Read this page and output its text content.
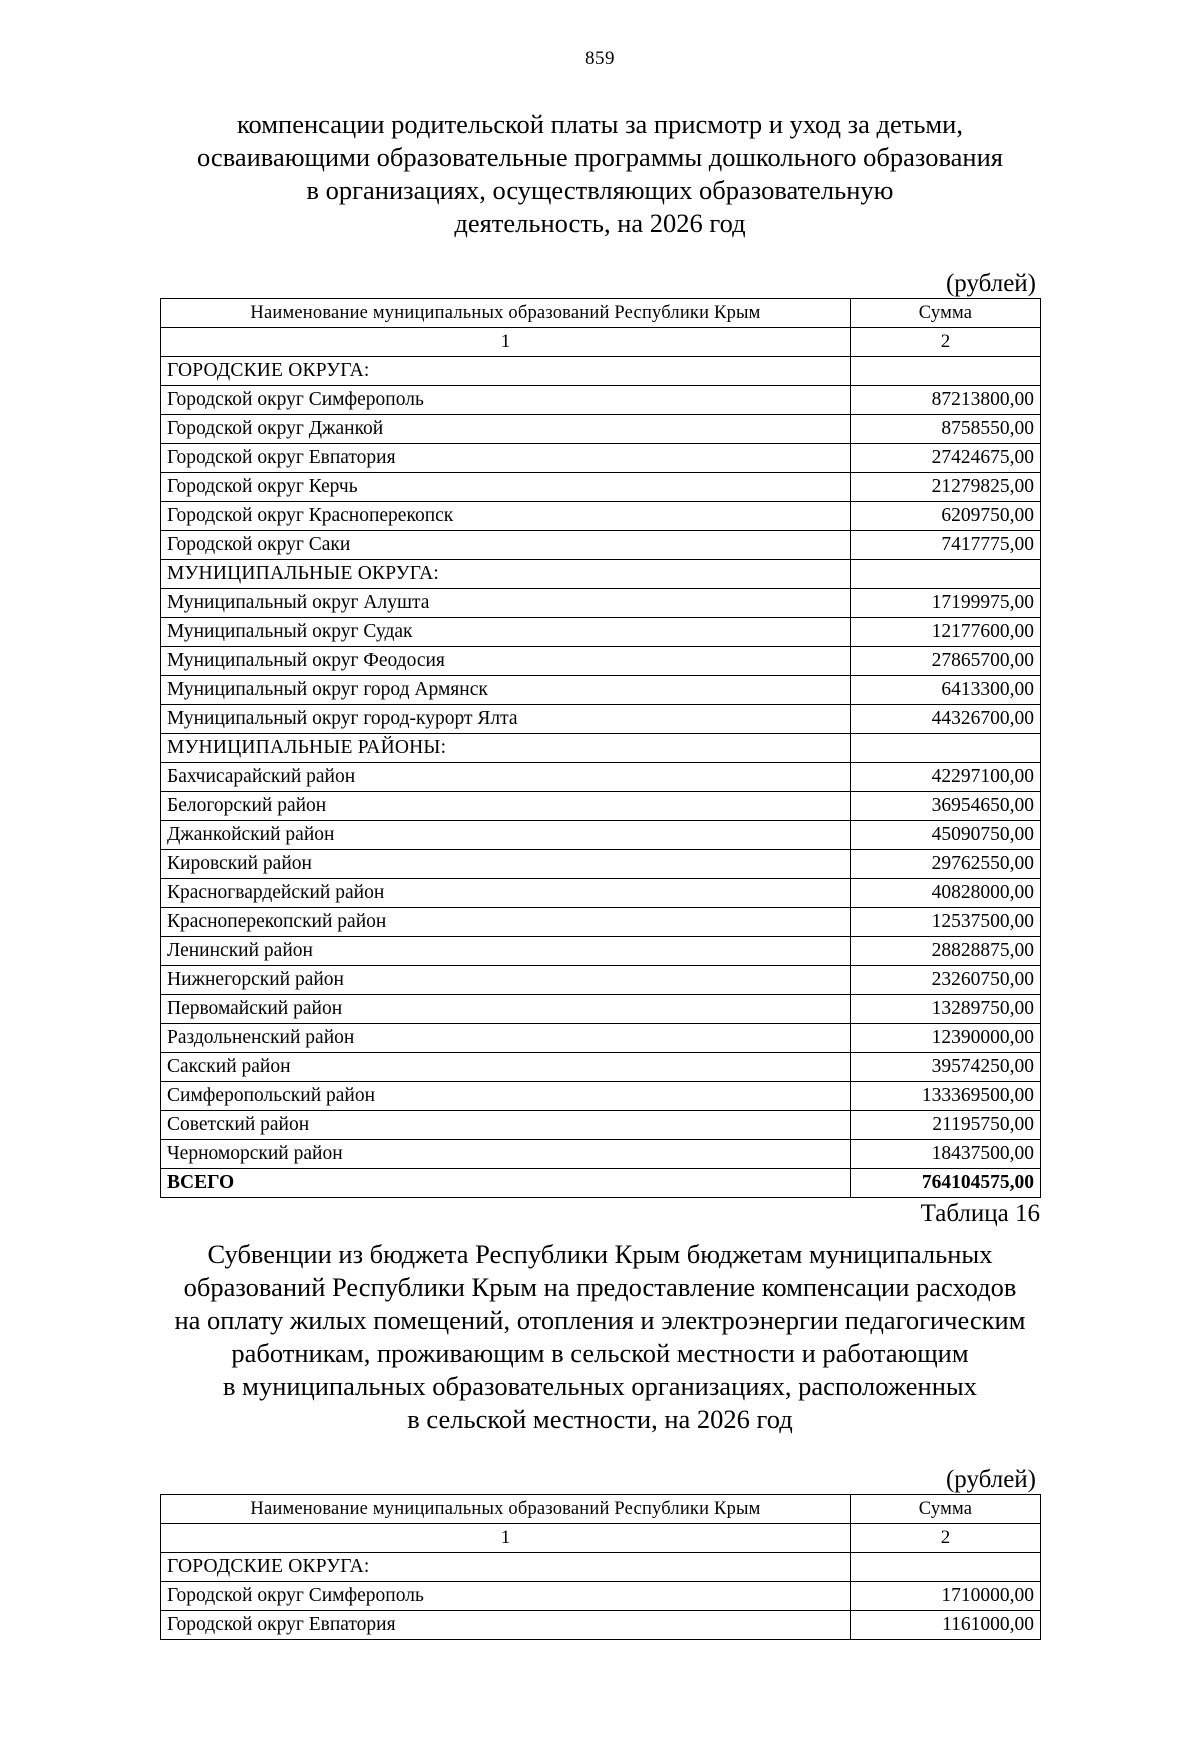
859
компенсации родительской платы за присмотр и уход за детьми,
осваивающими образовательные программы дошкольного образования
в организациях, осуществляющих образовательную
деятельность, на 2026 год
(рублей)
Наименование муниципальных образований Республики Крым	Сумма
1	2
ГОРОДСКИЕ ОКРУГА:	
Городской округ Симферополь	87213800,00
Городской округ Джанкой	8758550,00
Городской округ Евпатория	27424675,00
Городской округ Керчь	21279825,00
Городской округ Красноперекопск	6209750,00
Городской округ Саки	7417775,00
МУНИЦИПАЛЬНЫЕ ОКРУГА:	
Муниципальный округ Алушта	17199975,00
Муниципальный округ Судак	12177600,00
Муниципальный округ Феодосия	27865700,00
Муниципальный округ город Армянск	6413300,00
Муниципальный округ город-курорт Ялта	44326700,00
МУНИЦИПАЛЬНЫЕ РАЙОНЫ:	
Бахчисарайский район	42297100,00
Белогорский район	36954650,00
Джанкойский район	45090750,00
Кировский район	29762550,00
Красногвардейский район	40828000,00
Красноперекопский район	12537500,00
Ленинский район	28828875,00
Нижнегорский район	23260750,00
Первомайский район	13289750,00
Раздольненский район	12390000,00
Сакский район	39574250,00
Симферопольский район	133369500,00
Советский район	21195750,00
Черноморский район	18437500,00
ВСЕГО	764104575,00
Таблица 16
Субвенции из бюджета Республики Крым бюджетам муниципальных
образований Республики Крым на предоставление компенсации расходов
на оплату жилых помещений, отопления и электроэнергии педагогическим
работникам, проживающим в сельской местности и работающим
в муниципальных образовательных организациях, расположенных
в сельской местности, на 2026 год
(рублей)
Наименование муниципальных образований Республики Крым	Сумма
1	2
ГОРОДСКИЕ ОКРУГА:	
Городской округ Симферополь	1710000,00
Городской округ Евпатория	1161000,00
